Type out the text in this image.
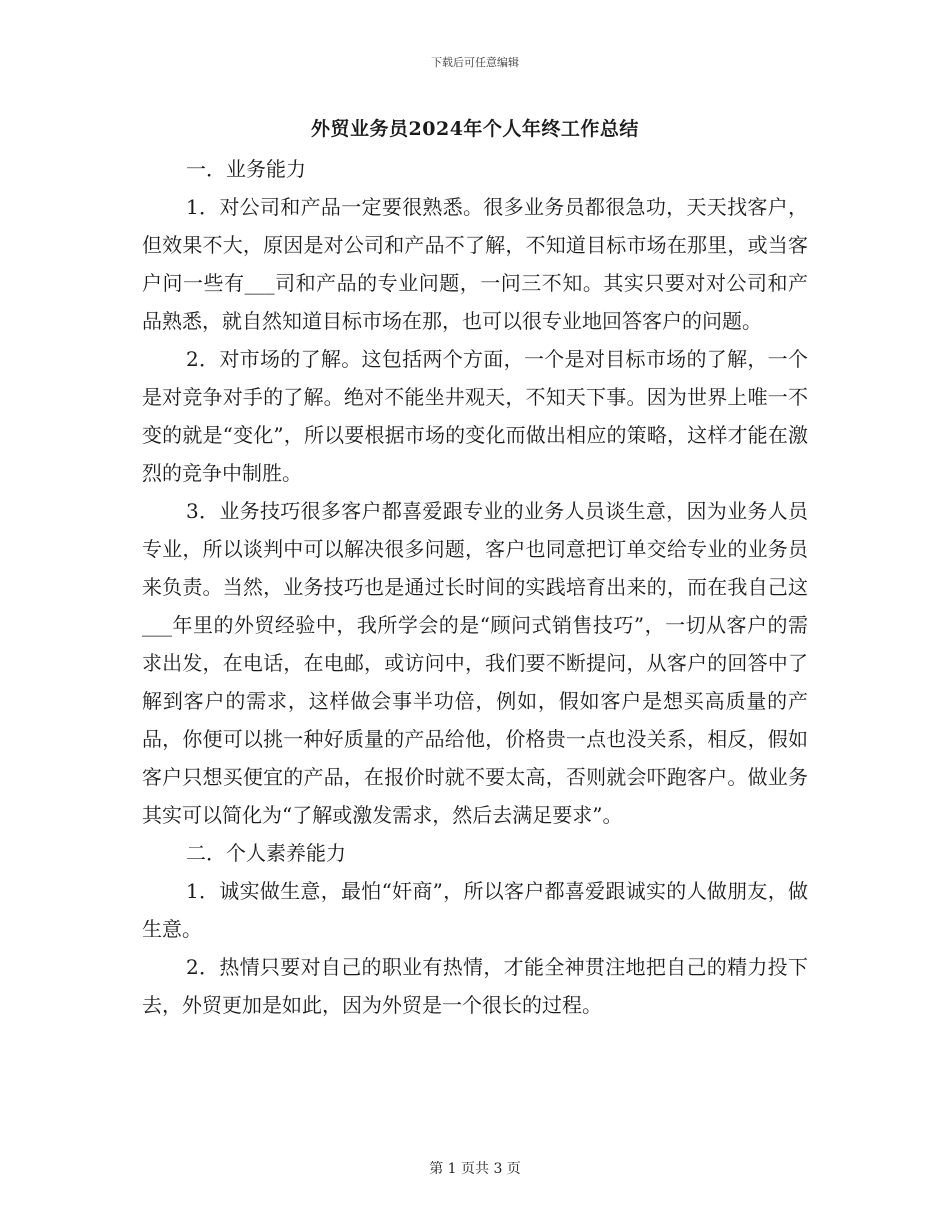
下载后可任意编辑
外贸业务员2024年个人年终工作总结

一．业务能力

1．对公司和产品一定要很熟悉。很多业务员都很急功，天天找客户，但效果不大，原因是对公司和产品不了解，不知道目标市场在那里，或当客户问一些有___司和产品的专业问题，一问三不知。其实只要对对公司和产品熟悉，就自然知道目标市场在那，也可以很专业地回答客户的问题。

2．对市场的了解。这包括两个方面，一个是对目标市场的了解，一个是对竞争对手的了解。绝对不能坐井观天，不知天下事。因为世界上唯一不变的就是“变化”，所以要根据市场的变化而做出相应的策略，这样才能在激烈的竞争中制胜。

3．业务技巧很多客户都喜爱跟专业的业务人员谈生意，因为业务人员专业，所以谈判中可以解决很多问题，客户也同意把订单交给专业的业务员来负责。当然，业务技巧也是通过长时间的实践培育出来的，而在我自己这___年里的外贸经验中，我所学会的是“顾问式销售技巧”，一切从客户的需求出发，在电话，在电邮，或访问中，我们要不断提问，从客户的回答中了解到客户的需求，这样做会事半功倍，例如，假如客户是想买高质量的产品，你便可以挑一种好质量的产品给他，价格贵一点也没关系，相反，假如客户只想买便宜的产品，在报价时就不要太高，否则就会吓跑客户。做业务其实可以简化为“了解或激发需求，然后去满足要求”。

二．个人素养能力

1．诚实做生意，最怕“奸商”，所以客户都喜爱跟诚实的人做朋友，做生意。

2．热情只要对自己的职业有热情，才能全神贯注地把自己的精力投下去，外贸更加是如此，因为外贸是一个很长的过程。

第 1 页共 3 页
